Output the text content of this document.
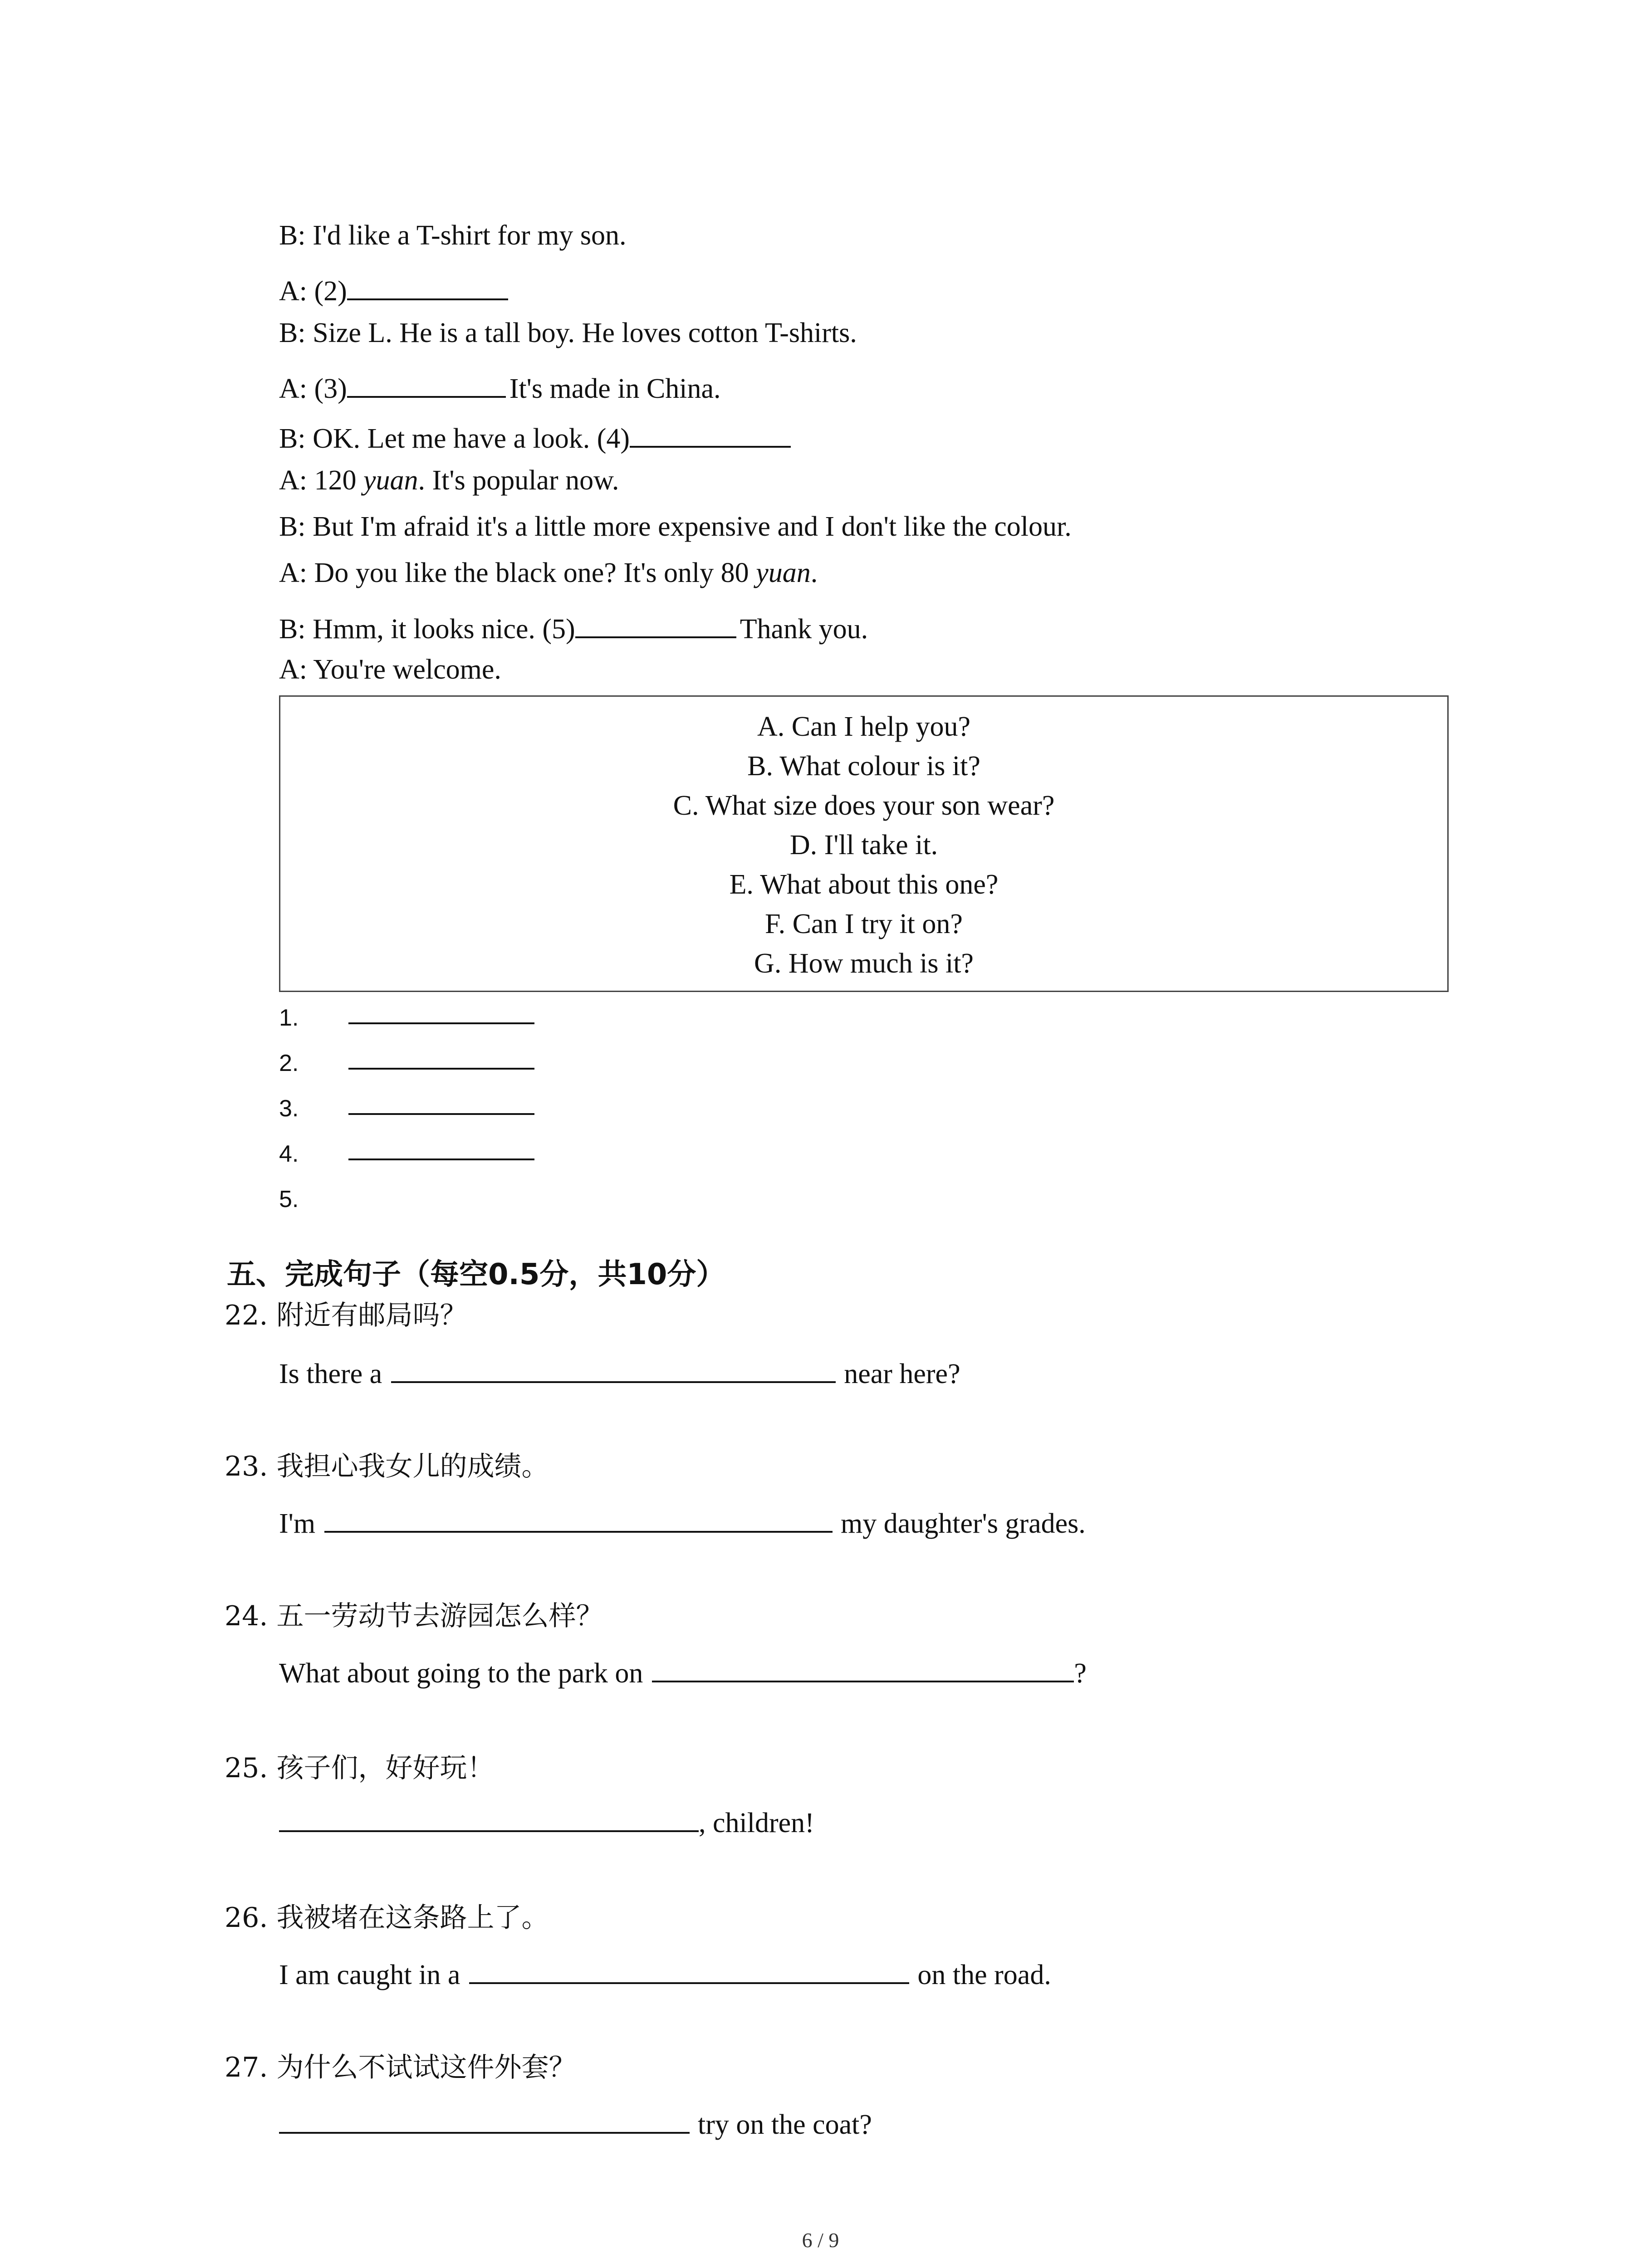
B: I'd like a T-shirt for my son.
A: (2)
B: Size L. He is a tall boy. He loves cotton T-shirts.
A: (3)	It's made in China.
B: OK. Let me have a look. (4)
A: 120 yuan. It's popular now.
B: But I'm afraid it's a little more expensive and I don't like the colour.
A: Do you like the black one? It's only 80 yuan.
B: Hmm, it looks nice. (5)	Thank you.
A: You're welcome.
A. Can I help you?
B. What colour is it?
C. What size does your son wear?
D. I'll take it.
E. What about this one?
F. Can I try it on?
G. How much is it?
1.
2.
3.
4.
5.
五、完成句子（每空0.5分，共10分）
22. 附近有邮局吗？
Is there a	near here?
23. 我担心我女儿的成绩。
I'm	my daughter's grades.
24. 五一劳动节去游园怎么样？
What about going to the park on	?
25. 孩子们，好好玩！
, children!
26. 我被堵在这条路上了。
I am caught in a	on the road.
27. 为什么不试试这件外套？
try on the coat?
6 / 9
